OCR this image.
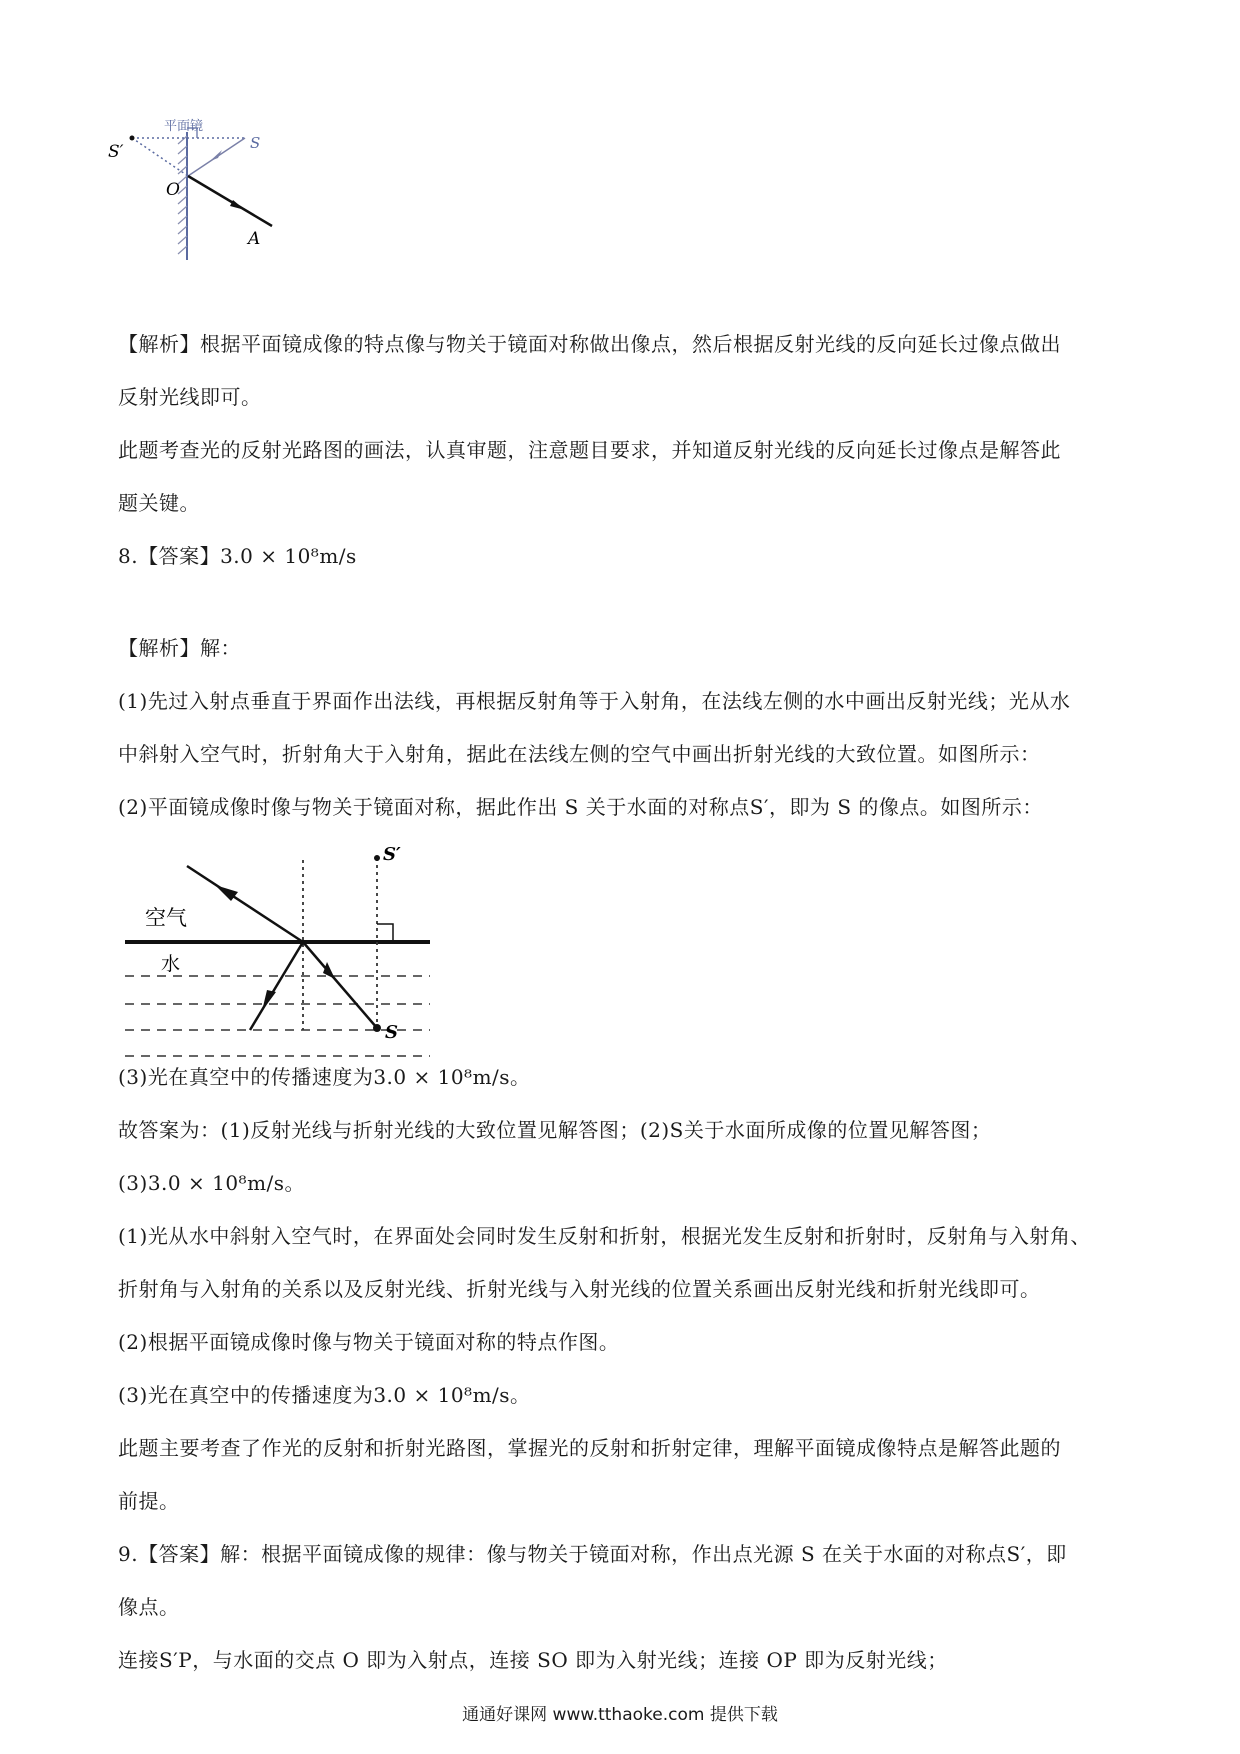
平面镜
S′	S
O
A
【解析】根据平面镜成像的特点像与物关于镜面对称做出像点，然后根据反射光线的反向延长过像点做出
反射光线即可。
此题考查光的反射光路图的画法，认真审题，注意题目要求，并知道反射光线的反向延长过像点是解答此
题关键。
8.【答案】3.0 × 10⁸m/s
【解析】解：
(1)先过入射点垂直于界面作出法线，再根据反射角等于入射角，在法线左侧的水中画出反射光线；光从水
中斜射入空气时，折射角大于入射角，据此在法线左侧的空气中画出折射光线的大致位置。如图所示：
(2)平面镜成像时像与物关于镜面对称，据此作出 S 关于水面的对称点S′，即为 S 的像点。如图所示：
S′
S
空气
水
(3)光在真空中的传播速度为3.0 × 10⁸m/s。
故答案为：(1)反射光线与折射光线的大致位置见解答图；(2)S关于水面所成像的位置见解答图；
(3)3.0 × 10⁸m/s。
(1)光从水中斜射入空气时，在界面处会同时发生反射和折射，根据光发生反射和折射时，反射角与入射角、
折射角与入射角的关系以及反射光线、折射光线与入射光线的位置关系画出反射光线和折射光线即可。
(2)根据平面镜成像时像与物关于镜面对称的特点作图。
(3)光在真空中的传播速度为3.0 × 10⁸m/s。
此题主要考查了作光的反射和折射光路图，掌握光的反射和折射定律，理解平面镜成像特点是解答此题的
前提。
9.【答案】解：根据平面镜成像的规律：像与物关于镜面对称，作出点光源 S 在关于水面的对称点S′，即
像点。
连接S′P，与水面的交点 O 即为入射点，连接 SO 即为入射光线；连接 OP 即为反射光线；
通通好课网 www.tthaoke.com 提供下载
